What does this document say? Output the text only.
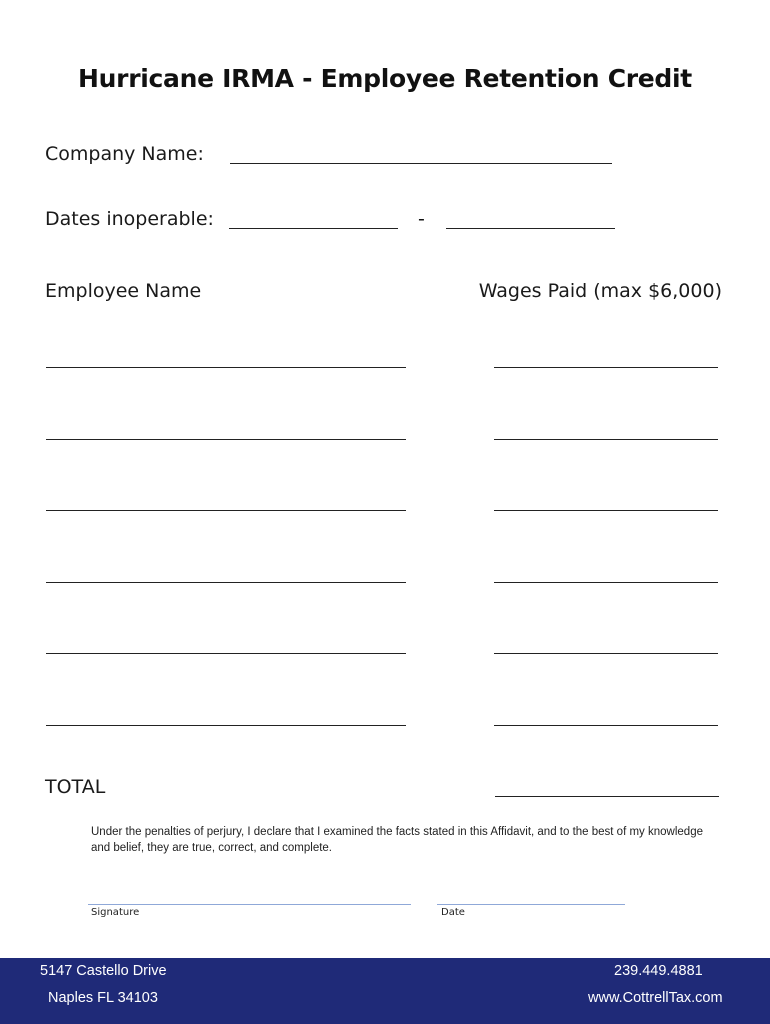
Hurricane IRMA - Employee Retention Credit
Company Name:
Dates inoperable:	-
Employee Name	Wages Paid (max $6,000)
TOTAL
Under the penalties of perjury, I declare that I examined the facts stated in this Affidavit, and to the best of my knowledge and belief, they are true, correct, and complete.
Signature	Date
5147 Castello Drive
Naples FL 34103
239.449.4881
www.CottrellTax.com
